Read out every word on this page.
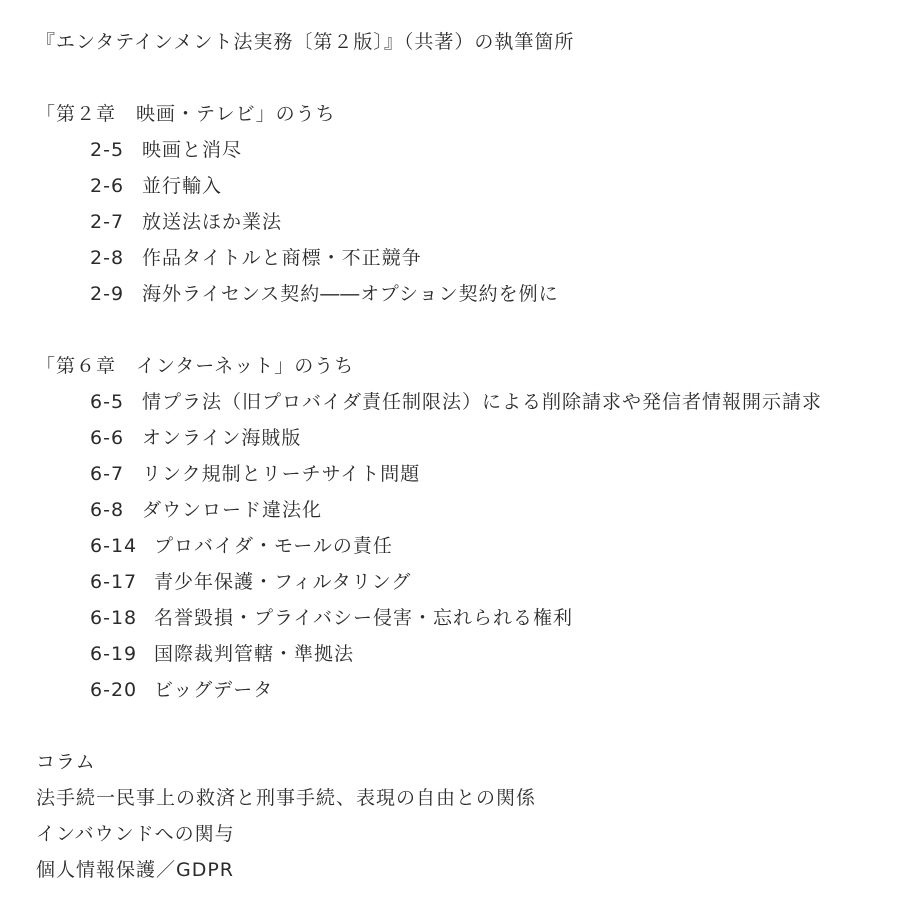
『エンタテインメント法実務〔第２版〕』（共著）の執筆箇所
「第２章　映画・テレビ」のうち
2-5 映画と消尽
2-6 並行輸入
2-7 放送法ほか業法
2-8 作品タイトルと商標・不正競争
2-9 海外ライセンス契約――オプション契約を例に
「第６章　インターネット」のうち
6-5 情プラ法（旧プロバイダ責任制限法）による削除請求や発信者情報開示請求
6-6 オンライン海賊版
6-7 リンク規制とリーチサイト問題
6-8 ダウンロード違法化
6-14 プロバイダ・モールの責任
6-17 青少年保護・フィルタリング
6-18 名誉毀損・プライバシー侵害・忘れられる権利
6-19 国際裁判管轄・準拠法
6-20 ビッグデータ
コラム
法手続一民事上の救済と刑事手続、表現の自由との関係
インバウンドへの関与
個人情報保護／GDPR
